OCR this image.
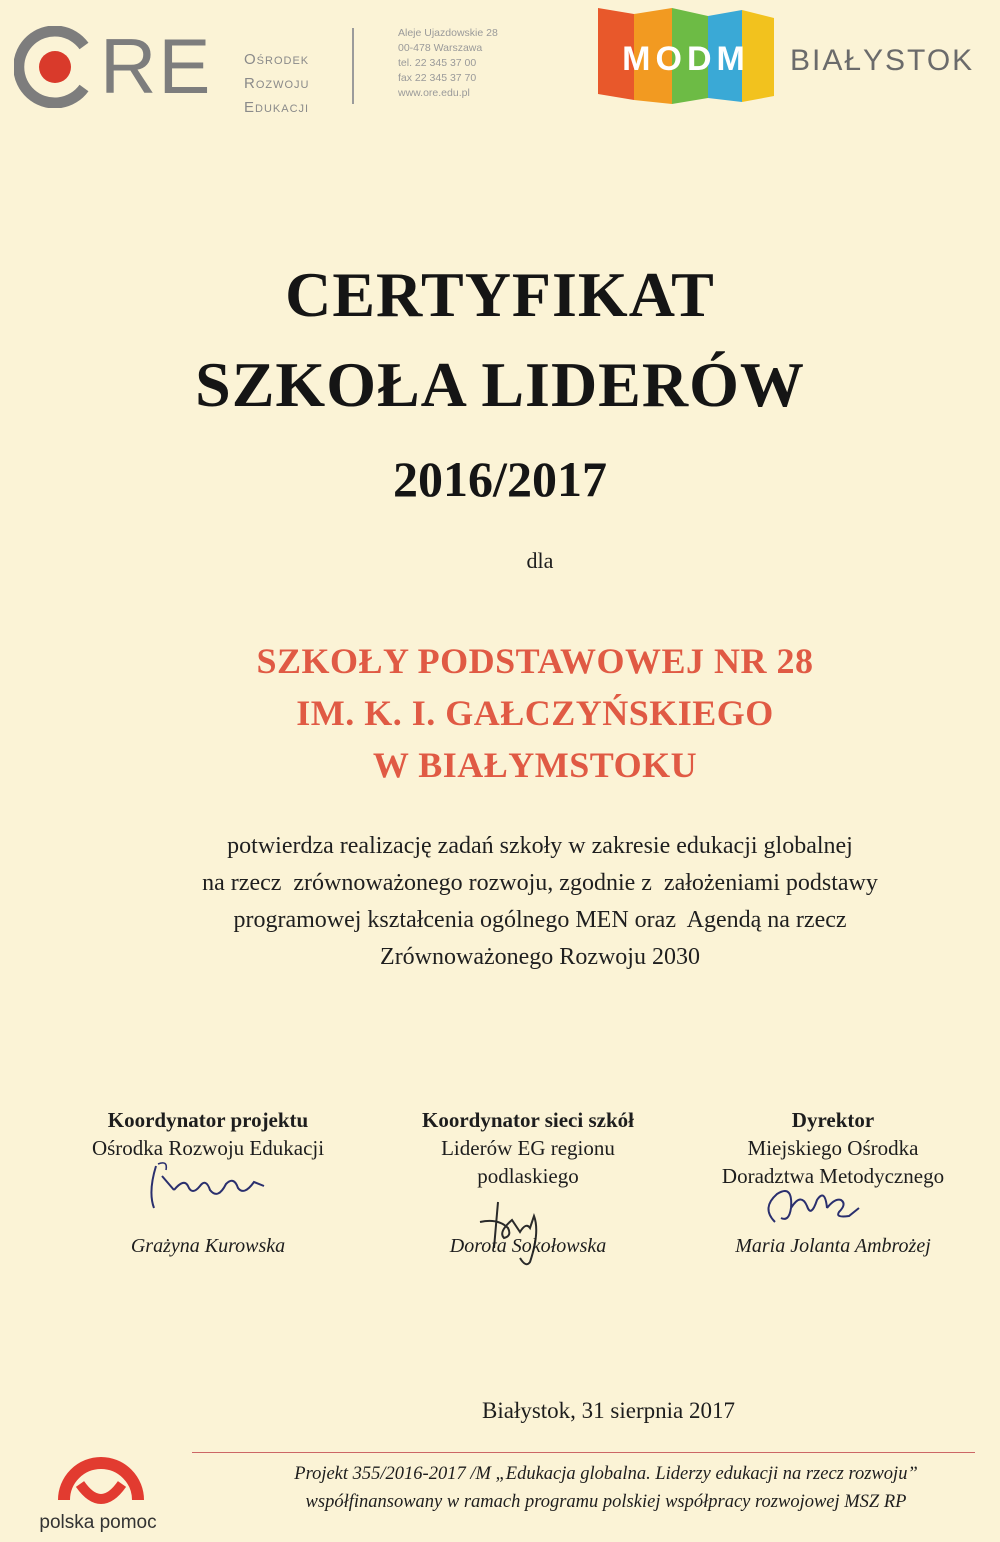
RE Ośrodek
Rozwoju
Edukacji
Aleje Ujazdowskie 28
00-478 Warszawa
tel. 22 345 37 00
fax 22 345 37 70
www.ore.edu.pl
MODM	BIAŁYSTOK
CERTYFIKAT
SZKOŁA LIDERÓW
2016/2017
dla
SZKOŁY PODSTAWOWEJ NR 28
IM. K. I. GAŁCZYŃSKIEGO
W BIAŁYMSTOKU
potwierdza realizację zadań szkoły w zakresie edukacji globalnej
na rzecz  zrównoważonego rozwoju, zgodnie z  założeniami podstawy
programowej kształcenia ogólnego MEN oraz  Agendą na rzecz
Zrównoważonego Rozwoju 2030
Koordynator projektu
Ośrodka Rozwoju Edukacji
Grażyna Kurowska
Koordynator sieci szkół
Liderów EG regionu
podlaskiego
Dorota Sokołowska
Dyrektor
Miejskiego Ośrodka
Doradztwa Metodycznego
Maria Jolanta Ambrożej
Białystok, 31 sierpnia 2017
Projekt 355/2016-2017 /M „Edukacja globalna. Liderzy edukacji na rzecz rozwoju”
współfinansowany w ramach programu polskiej współpracy rozwojowej MSZ RP
polska pomoc
